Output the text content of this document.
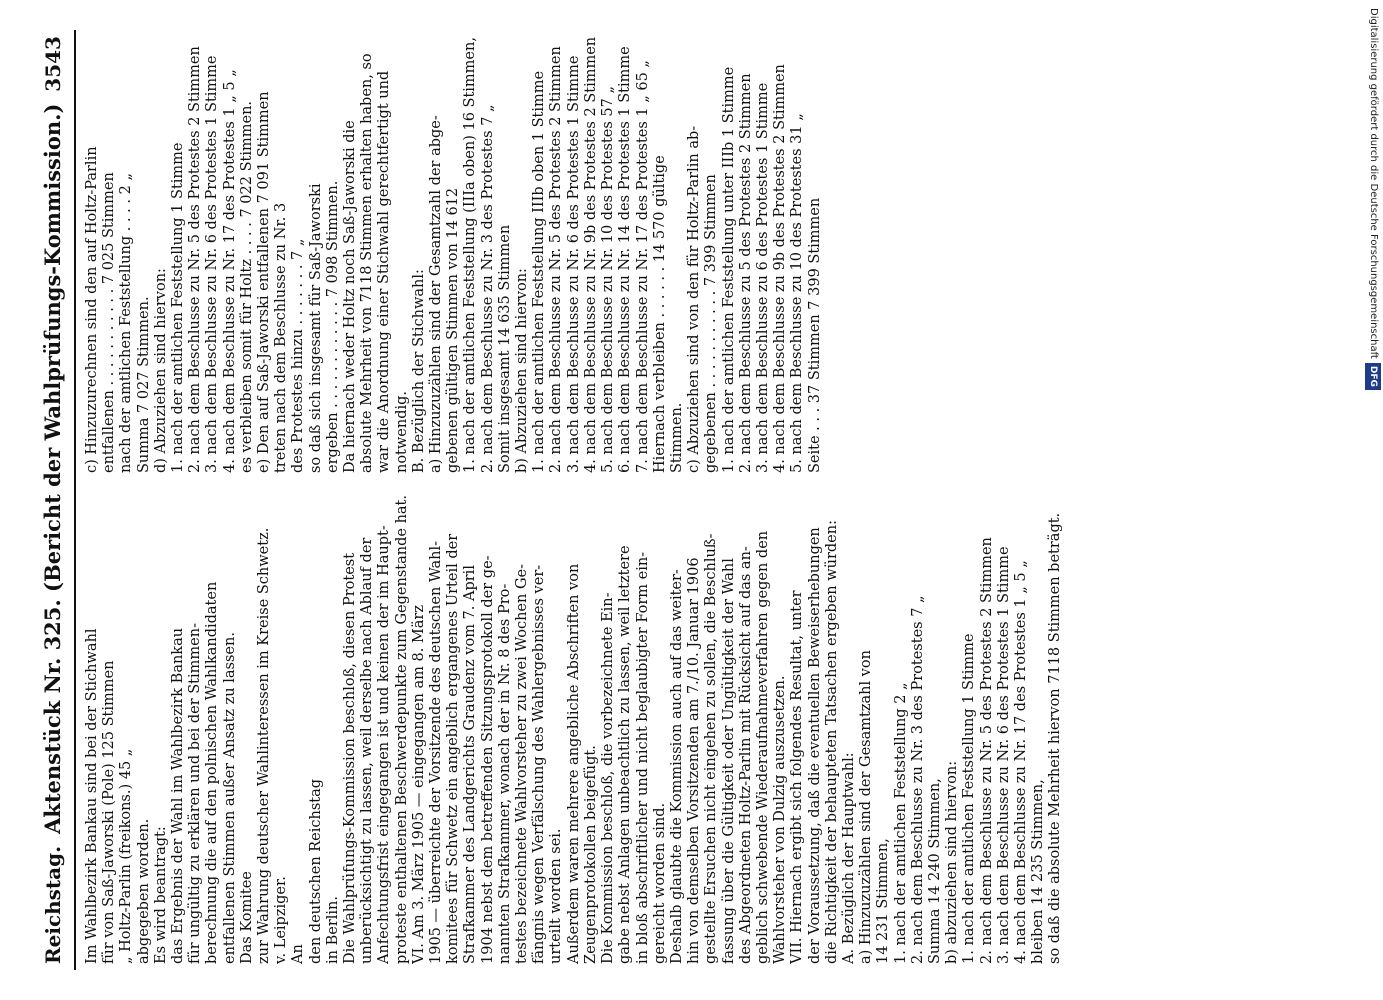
Reichstag.
Aktenstück Nr. 325. (Bericht der Wahlprüfungs-Kommission.)
3543
Im Wahlbezirk Bankau sind bei der Stichwahl für von Saß-Jaworski (Pole) 125 Stimmen „ Holtz-Parlin (freikons.) 45 „ abgegeben worden. Es wird beantragt: das Ergebnis der Wahl im Wahlbezirk Bankau für ungültig zu erklären und bei der Stimmen- berechnung die auf den polnischen Wahlkandidaten entfallenen Stimmen außer Ansatz zu lassen. Das Komitee zur Wahrung deutscher Wahlinteressen im Kreise Schwetz. v. Leipziger. An den deutschen Reichstag in Berlin. Die Wahlprüfungs-Kommission beschloß, diesen Protest unberücksichtigt zu lassen, weil derselbe nach Ablauf der Anfechtungsfrist eingegangen ist und keinen der im Haupt- proteste enthaltenen Beschwerdepunkte zum Gegenstande hat. VI. Am 3. März 1905 — eingegangen am 8. März 1905 — überreichte der Vorsitzende des deutschen Wahl- komitees für Schwetz ein angeblich ergangenes Urteil der Strafkammer des Landgerichts Graudenz vom 7. April 1904 nebst dem betreffenden Sitzungsprotokoll der ge- nannten Strafkammer, wonach der in Nr. 8 des Pro- testes bezeichnete Wahlvorsteher zu zwei Wochen Ge- fängnis wegen Verfälschung des Wahlergebnisses ver- urteilt worden sei. Außerdem waren mehrere angebliche Abschriften von Zeugenprotokollen beigefügt. Die Kommission beschloß, die vorbezeichnete Ein- gabe nebst Anlagen unbeachtlich zu lassen, weil letztere in bloß abschriftlicher und nicht beglaubigter Form ein- gereicht worden sind. Deshalb glaubte die Kommission auch auf das weiter- hin von demselben Vorsitzenden am 7./10. Januar 1906 gestellte Ersuchen nicht eingehen zu sollen, die Beschluß- fassung über die Gültigkeit oder Ungültigkeit der Wahl des Abgeordneten Holtz-Parlin mit Rücksicht auf das an- geblich schwebende Wiederaufnahmeverfahren gegen den Wahlvorsteher von Dulzig auszusetzen. VII. Hiernach ergibt sich folgendes Resultat, unter der Voraussetzung, daß die eventuellen Beweiserhebungen die Richtigkeit der behaupteten Tatsachen ergeben würden: A. Bezüglich der Hauptwahl: a) Hinzuzuzählen sind der Gesamtzahl von 14 231 Stimmen, 1. nach der amtlichen Feststellung 2 „ 2. nach dem Beschlusse zu Nr. 3 des Protestes 7 „ Summa 14 240 Stimmen, b) abzuziehen sind hiervon: 1. nach der amtlichen Feststellung 1 Stimme 2. nach dem Beschlusse zu Nr. 5 des Protestes 2 Stimmen 3. nach dem Beschlusse zu Nr. 6 des Protestes 1 Stimme 4. nach dem Beschlusse zu Nr. 17 des Protestes 1 „ 5 „ bleiben 14 235 Stimmen, so daß die absolute Mehrheit hiervon 7118 Stimmen beträgt.
c) Hinzuzurechnen sind den auf Holtz-Parlin entfallenen . . . . . . . . . . . 7 025 Stimmen nach der amtlichen Feststellung . . . . 2 „ Summa 7 027 Stimmen. d) Abzuziehen sind hiervon: 1. nach der amtlichen Feststellung 1 Stimme 2. nach dem Beschlusse zu Nr. 5 des Protestes 2 Stimmen 3. nach dem Beschlusse zu Nr. 6 des Protestes 1 Stimme 4. nach dem Beschlusse zu Nr. 17 des Protestes 1 „ 5 „ es verbleiben somit für Holtz . . . . 7 022 Stimmen. e) Den auf Saß-Jaworski entfallenen 7 091 Stimmen treten nach dem Beschlusse zu Nr. 3 des Protestes hinzu . . . . . . . 7 „ so daß sich insgesamt für Saß-Jaworski ergeben . . . . . . . . . . . . 7 098 Stimmen. Da hiernach weder Holtz noch Saß-Jaworski die absolute Mehrheit von 7118 Stimmen erhalten haben, so war die Anordnung einer Stichwahl gerechtfertigt und notwendig. B. Bezüglich der Stichwahl: a) Hinzuzuzählen sind der Gesamtzahl der abge- gebenen gültigen Stimmen von 14 612 1. nach der amtlichen Feststellung (IIIa oben) 16 Stimmen, 2. nach dem Beschlusse zu Nr. 3 des Protestes 7 „ Somit insgesamt 14 635 Stimmen b) Abzuziehen sind hiervon: 1. nach der amtlichen Feststellung IIIb oben 1 Stimme 2. nach dem Beschlusse zu Nr. 5 des Protestes 2 Stimmen 3. nach dem Beschlusse zu Nr. 6 des Protestes 1 Stimme 4. nach dem Beschlusse zu Nr. 9b des Protestes 2 Stimmen 5. nach dem Beschlusse zu Nr. 10 des Protestes 57 „ 6. nach dem Beschlusse zu Nr. 14 des Protestes 1 Stimme 7. nach dem Beschlusse zu Nr. 17 des Protestes 1 „ 65 „ Hiernach verbleiben . . . . . . 14 570 gültige Stimmen. c) Abzuziehen sind von den für Holtz-Parlin ab- gegebenen . . . . . . . . . . . 7 399 Stimmen 1. nach der amtlichen Feststellung unter IIIb 1 Stimme 2. nach dem Beschlusse zu 5 des Protestes 2 Stimmen 3. nach dem Beschlusse zu 6 des Protestes 1 Stimme 4. nach dem Beschlusse zu 9b des Protestes 2 Stimmen 5. nach dem Beschlusse zu 10 des Protestes 31 „ Seite . . . 37 Stimmen 7 399 Stimmen	Digitalisierung gefördert durch die Deutsche ForschungsgemeinschaftDFG
